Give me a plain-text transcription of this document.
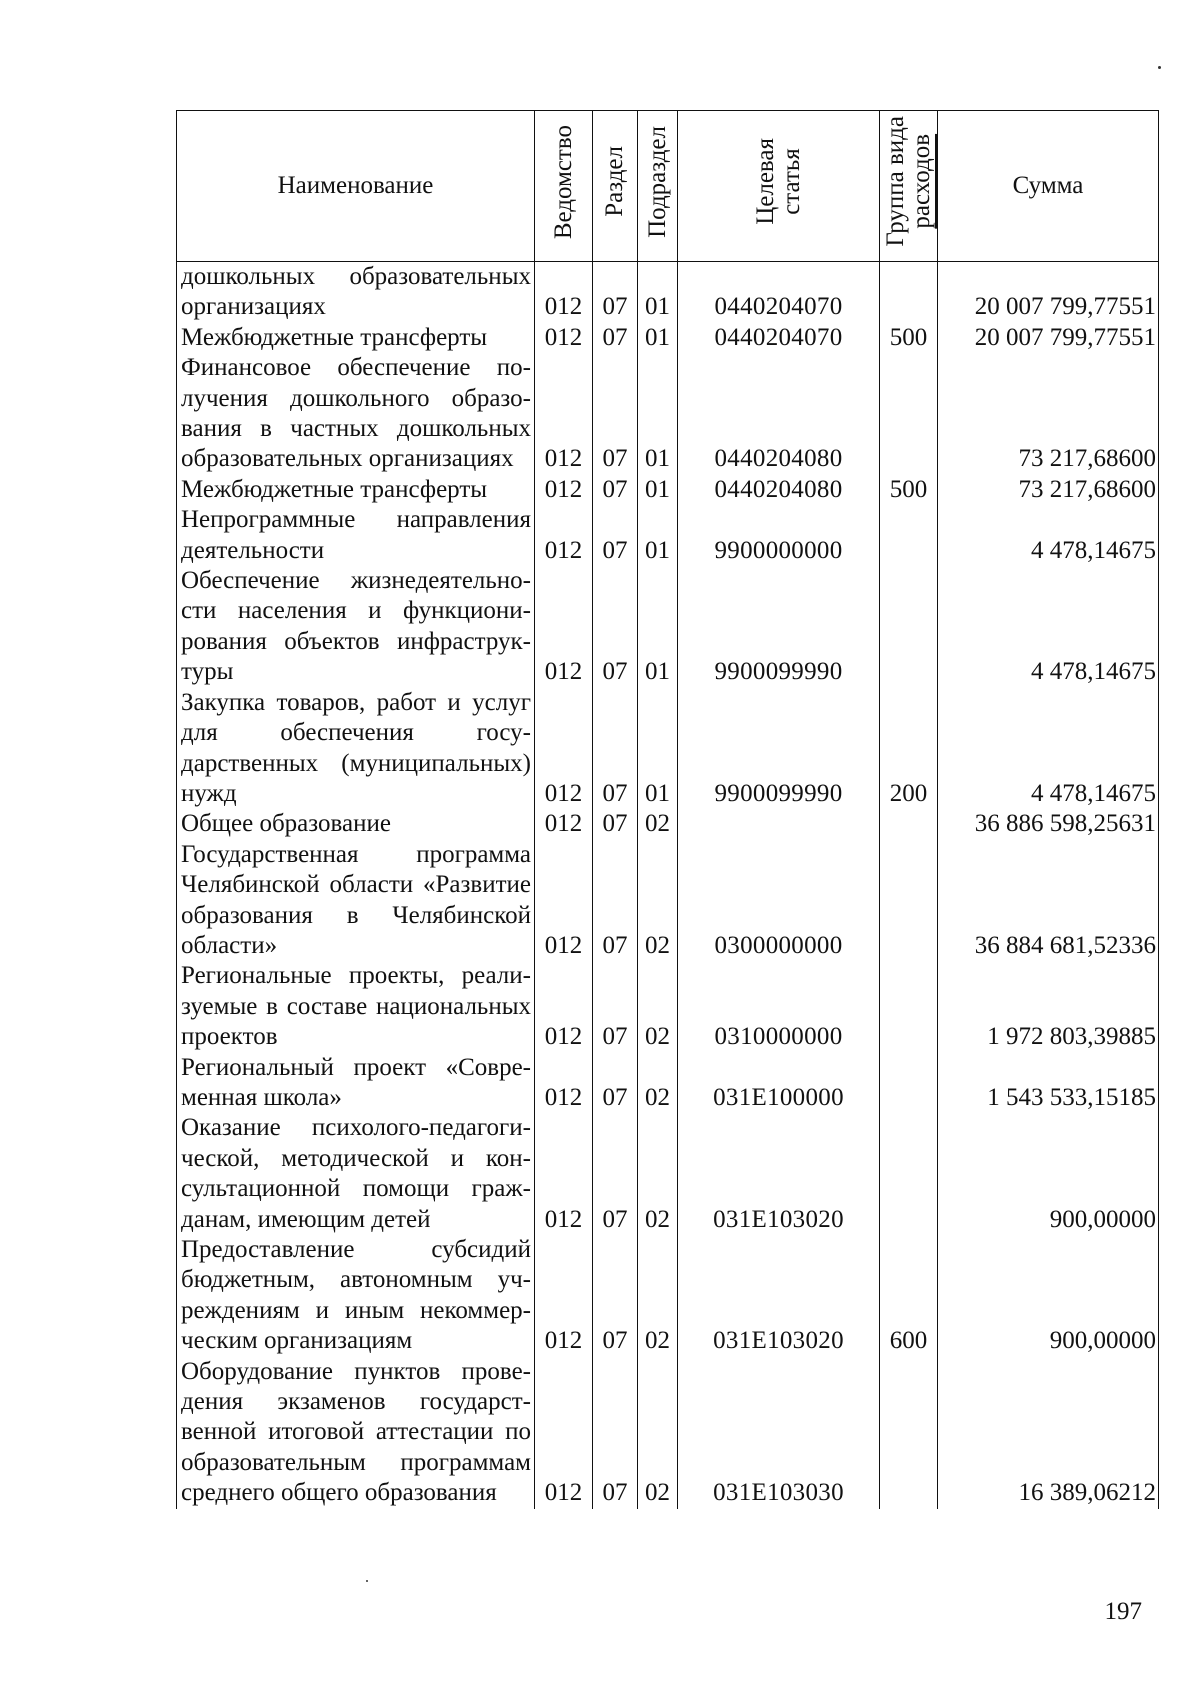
Наименование	Ведомство	Раздел	Подраздел	Целевая статья	Группа вида расходов	Сумма
дошкольных образовательных организациях	012	07	01	0440204070		20 007 799,77551
Межбюджетные трансферты	012	07	01	0440204070	500	20 007 799,77551
Финансовое обеспечение получения дошкольного образования в частных дошкольных образовательных организациях	012	07	01	0440204080		73 217,68600
Межбюджетные трансферты	012	07	01	0440204080	500	73 217,68600
Непрограммные направления деятельности	012	07	01	9900000000		4 478,14675
Обеспечение жизнедеятельности населения и функционирования объектов инфраструктуры	012	07	01	9900099990		4 478,14675
Закупка товаров, работ и услуг для обеспечения государственных (муниципальных) нужд	012	07	01	9900099990	200	4 478,14675
Общее образование	012	07	02			36 886 598,25631
Государственная программа Челябинской области «Развитие образования в Челябинской области»	012	07	02	0300000000		36 884 681,52336
Региональные проекты, реализуемые в составе национальных проектов	012	07	02	0310000000		1 972 803,39885
Региональный проект «Современная школа»	012	07	02	031E100000		1 543 533,15185
Оказание психолого-педагогической, методической и консультационной помощи гражданам, имеющим детей	012	07	02	031E103020		900,00000
Предоставление субсидий бюджетным, автономным учреждениям и иным некоммерческим организациям	012	07	02	031E103020	600	900,00000
Оборудование пунктов проведения экзаменов государственной итоговой аттестации по образовательным программам среднего общего образования	012	07	02	031E103030		16 389,06212
197
